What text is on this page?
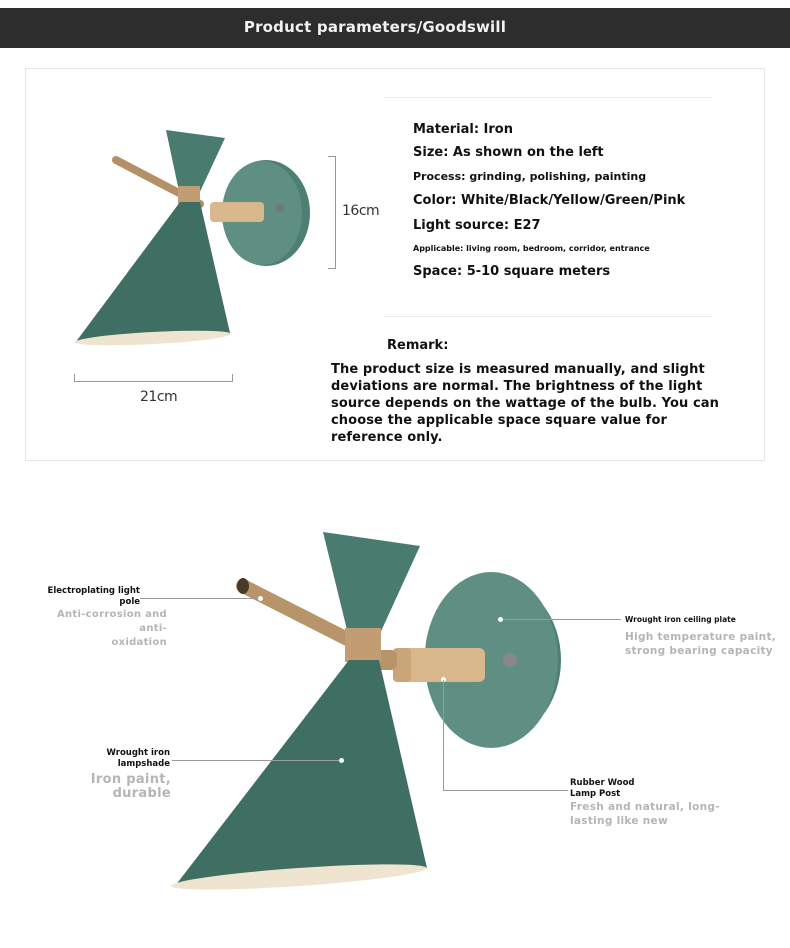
Product parameters/Goodswill
16cm
21cm
Material: Iron
Size: As shown on the left
Process: grinding, polishing, painting
Color: White/Black/Yellow/Green/Pink
Light source: E27
Applicable: living room, bedroom, corridor, entrance
Space: 5-10 square meters
Remark:
The product size is measured manually, and slight deviations are normal. The brightness of the light source depends on the wattage of the bulb. You can choose the applicable space square value for reference only.
Electroplating light
pole
Anti-corrosion and anti-
oxidation
Wrought iron
lampshade
Iron paint, durable
Wrought iron ceiling plate
High temperature paint,
strong bearing capacity
Rubber Wood
Lamp Post
Fresh and natural, long-
lasting like new
